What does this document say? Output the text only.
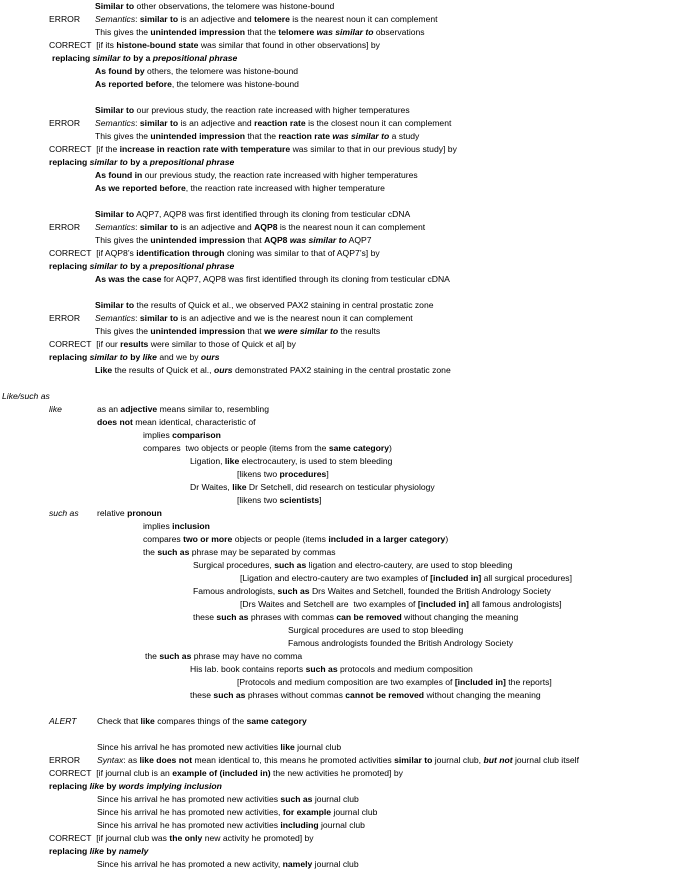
Similar to other observations, the telomere was histone-bound
ERROR Semantics: similar to is an adjective and telomere is the nearest noun it can complement
This gives the unintended impression that the telomere was similar to observations
CORRECT  [if its histone-bound state was similar that found in other observations] by
replacing similar to by a prepositional phrase
As found by others, the telomere was histone-bound
As reported before, the telomere was histone-bound
Similar to our previous study, the reaction rate increased with higher temperatures
ERROR Semantics: similar to is an adjective and reaction rate is the closest noun it can complement
This gives the unintended impression that the reaction rate was similar to a study
CORRECT  [if the increase in reaction rate with temperature was similar to that in our previous study] by
replacing similar to by a prepositional phrase
As found in our previous study, the reaction rate increased with higher temperatures
As we reported before, the reaction rate increased with higher temperature
Similar to AQP7, AQP8 was first identified through its cloning from testicular cDNA
ERROR Semantics: similar to is an adjective and AQP8 is the nearest noun it can complement
This gives the unintended impression that AQP8 was similar to AQP7
CORRECT  [if AQP8’s identification through cloning was similar to that of AQP7’s] by
replacing similar to by a prepositional phrase
As was the case for AQP7, AQP8 was first identified through its cloning from testicular cDNA
Similar to the results of Quick et al., we observed PAX2 staining in central prostatic zone
ERROR Semantics: similar to is an adjective and we is the nearest noun it can complement
This gives the unintended impression that we were similar to the results
CORRECT  [if our results were similar to those of Quick et al] by
replacing similar to by like and we by ours
Like the results of Quick et al., ours demonstrated PAX2 staining in the central prostatic zone
Like/such as
like	as an adjective means similar to, resembling
does not mean identical, characteristic of
implies comparison
compares  two objects or people (items from the same category)
Ligation, like electrocautery, is used to stem bleeding
[likens two procedures]
Dr Waites, like Dr Setchell, did research on testicular physiology
[likens two scientists]
such as relative pronoun
implies inclusion
compares two or more objects or people (items included in a larger category)
the such as phrase may be separated by commas
Surgical procedures, such as ligation and electro-cautery, are used to stop bleeding
[Ligation and electro-cautery are two examples of [included in] all surgical procedures]
Famous andrologists, such as Drs Waites and Setchell, founded the British Andrology Society
[Drs Waites and Setchell are  two examples of [included in] all famous andrologists]
these such as phrases with commas can be removed without changing the meaning
Surgical procedures are used to stop bleeding
Famous andrologists founded the British Andrology Society
the such as phrase may have no comma
His lab. book contains reports such as protocols and medium composition
[Protocols and medium composition are two examples of [included in] the reports]
these such as phrases without commas cannot be removed without changing the meaning
ALERT Check that like compares things of the same category
Since his arrival he has promoted new activities like journal club
ERROR Syntax: as like does not mean identical to, this means he promoted activities similar to journal club, but not journal club itself
CORRECT  [if journal club is an example of (included in) the new activities he promoted] by
replacing like by words implying inclusion
Since his arrival he has promoted new activities such as journal club
Since his arrival he has promoted new activities, for example journal club
Since his arrival he has promoted new activities including journal club
CORRECT  [if journal club was the only new activity he promoted] by
replacing like by namely
Since his arrival he has promoted a new activity, namely journal club
